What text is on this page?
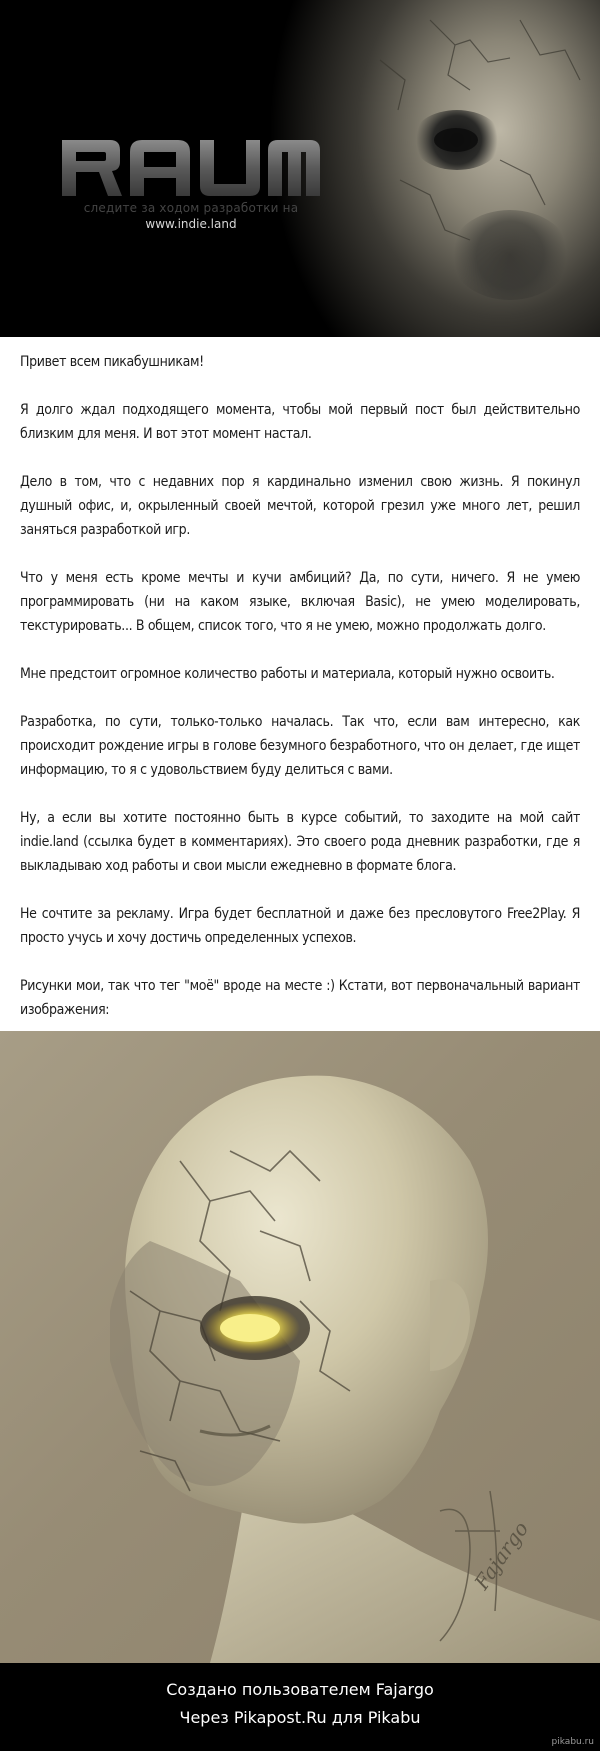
следите за ходом разработки на
www.indie.land

Привет всем пикабушникам!

Я долго ждал подходящего момента, чтобы мой первый пост был действительно близким для меня. И вот этот момент настал.

Дело в том, что с недавних пор я кардинально изменил свою жизнь. Я покинул душный офис, и, окрыленный своей мечтой, которой грезил уже много лет, решил заняться разработкой игр.

Что у меня есть кроме мечты и кучи амбиций? Да, по сути, ничего. Я не умею программировать (ни на каком языке, включая Basic), не умею моделировать, текстурировать... В общем, список того, что я не умею, можно продолжать долго.

Мне предстоит огромное количество работы и материала, который нужно освоить.

Разработка, по сути, только-только началась. Так что, если вам интересно, как происходит рождение игры в голове безумного безработного, что он делает, где ищет информацию, то я с удовольствием буду делиться с вами.

Ну, а если вы хотите постоянно быть в курсе событий, то заходите на мой сайт indie.land (ссылка будет в комментариях). Это своего рода дневник разработки, где я выкладываю ход работы и свои мысли ежедневно в формате блога.

Не сочтите за рекламу. Игра будет бесплатной и даже без пресловутого Free2Play. Я просто учусь и хочу достичь определенных успехов.

Рисунки мои, так что тег "моё" вроде на месте :) Кстати, вот первоначальный вариант изображения:

Fajargo
Создано пользователем Fajargo
Через Pikapost.Ru для Pikabu
pikabu.ru
